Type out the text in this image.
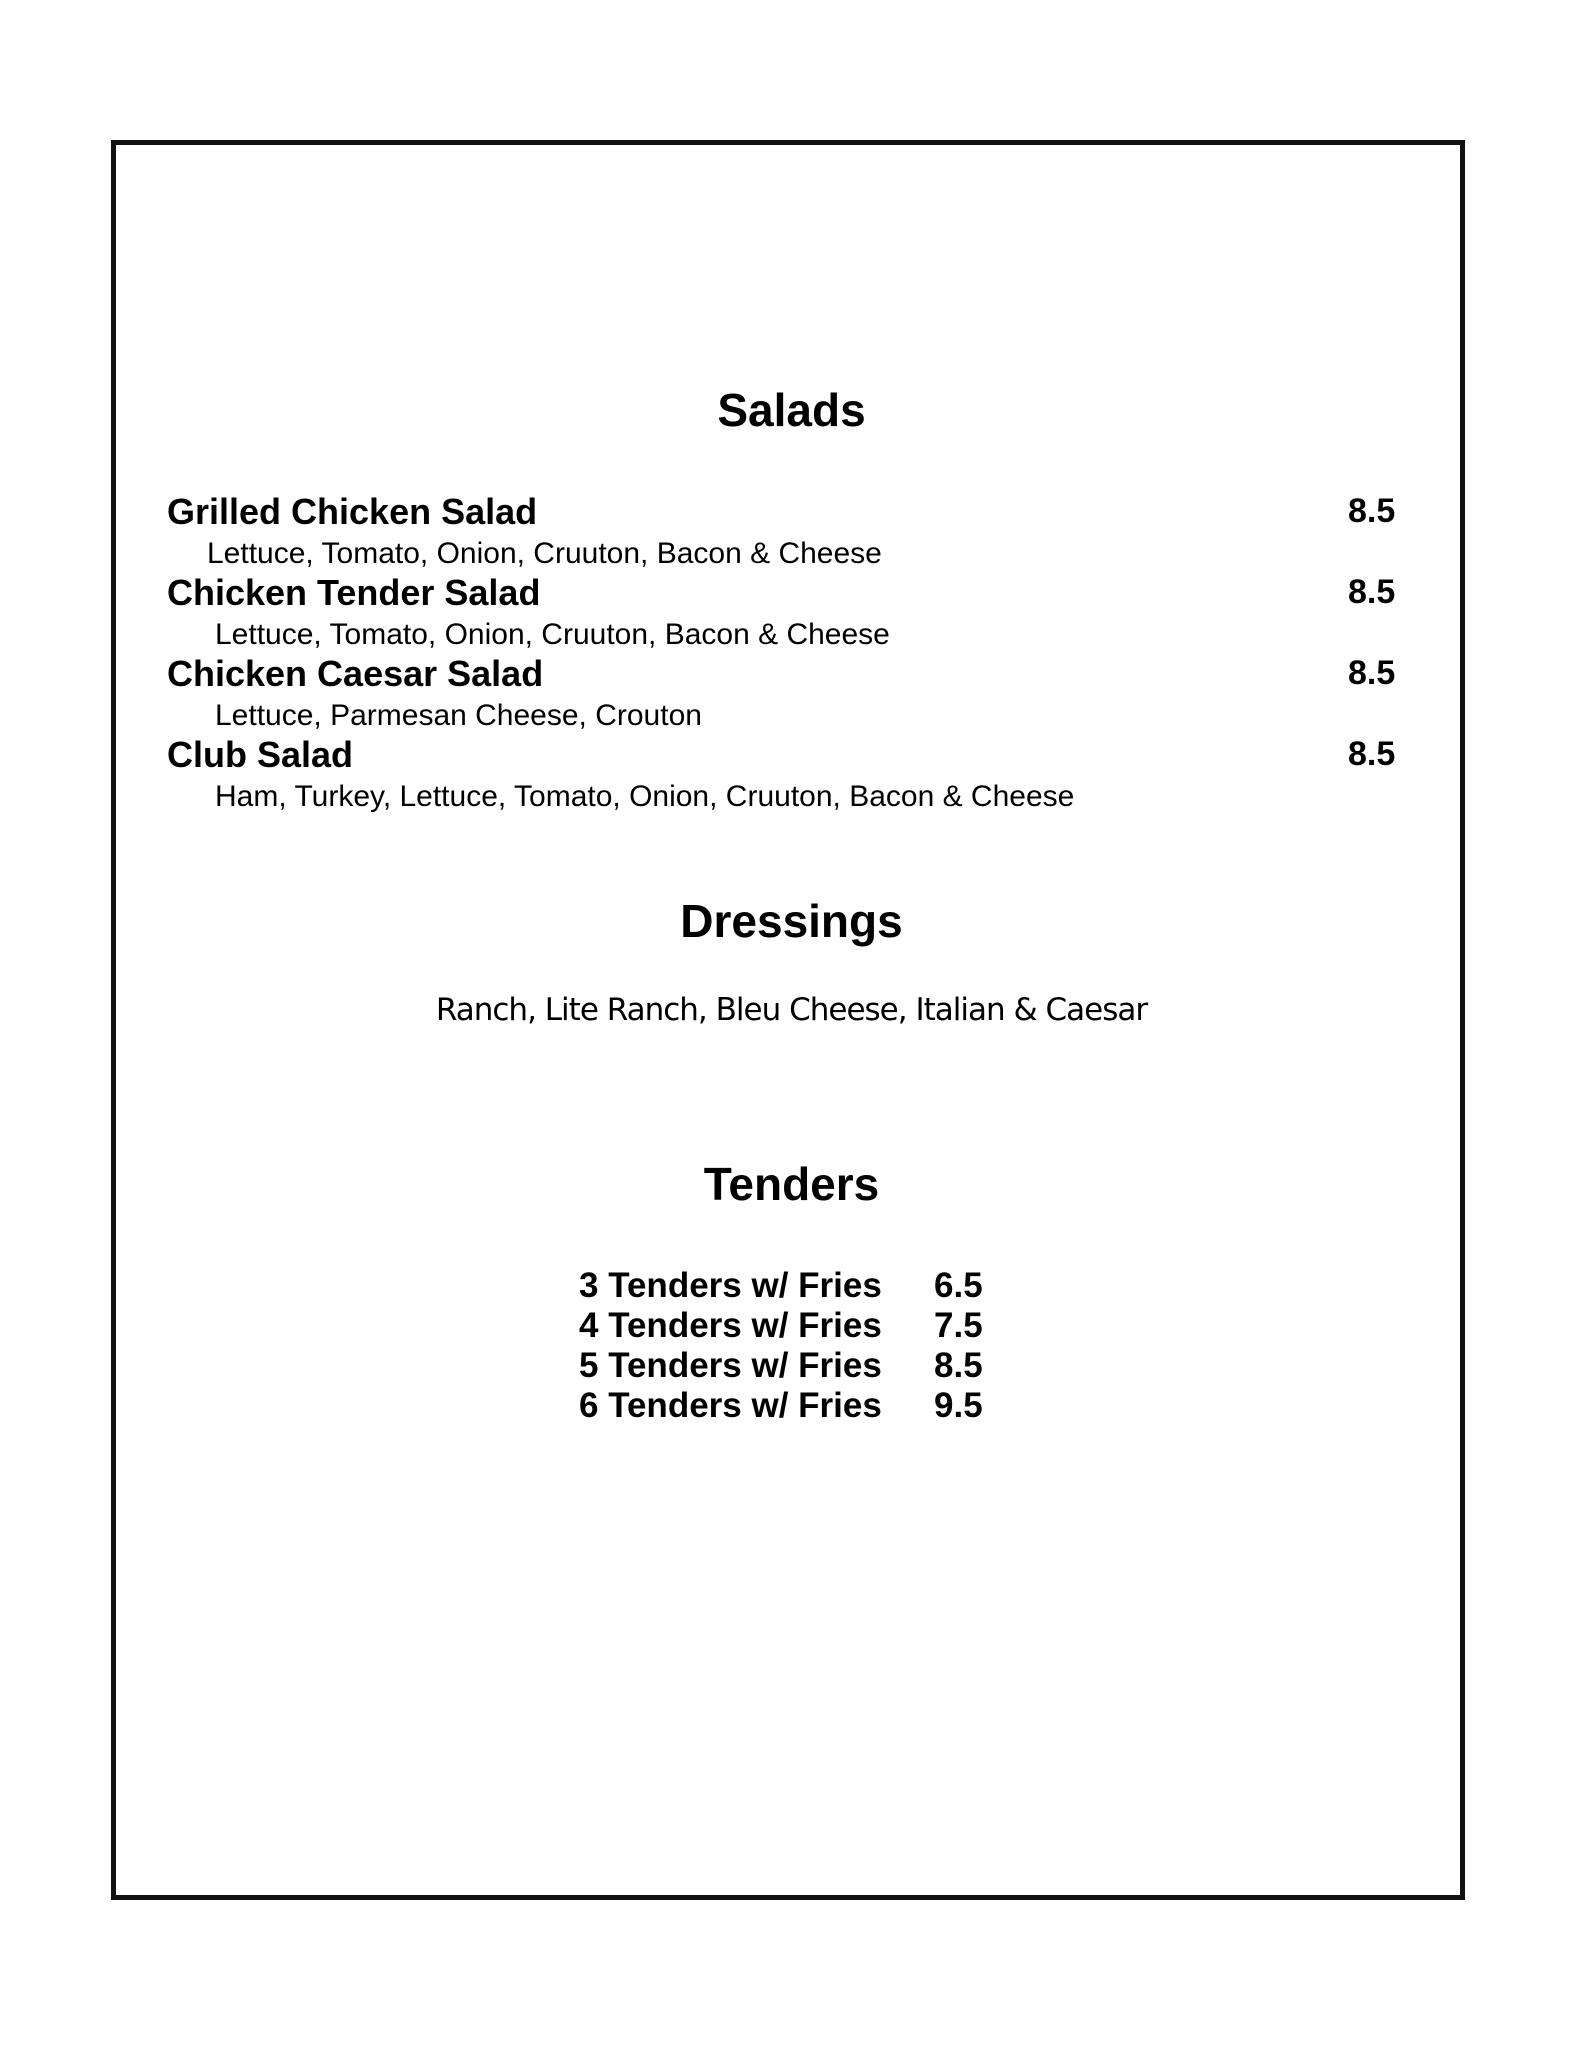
Salads
Grilled Chicken Salad	8.5
Lettuce, Tomato, Onion, Cruuton, Bacon & Cheese
Chicken Tender Salad	8.5
Lettuce, Tomato, Onion, Cruuton, Bacon & Cheese
Chicken Caesar Salad	8.5
Lettuce, Parmesan Cheese, Crouton
Club Salad	8.5
Ham, Turkey, Lettuce, Tomato, Onion, Cruuton, Bacon & Cheese
Dressings
Ranch, Lite Ranch, Bleu Cheese, Italian & Caesar
Tenders
3 Tenders w/ Fries 6.5
4 Tenders w/ Fries 7.5
5 Tenders w/ Fries 8.5
6 Tenders w/ Fries 9.5
